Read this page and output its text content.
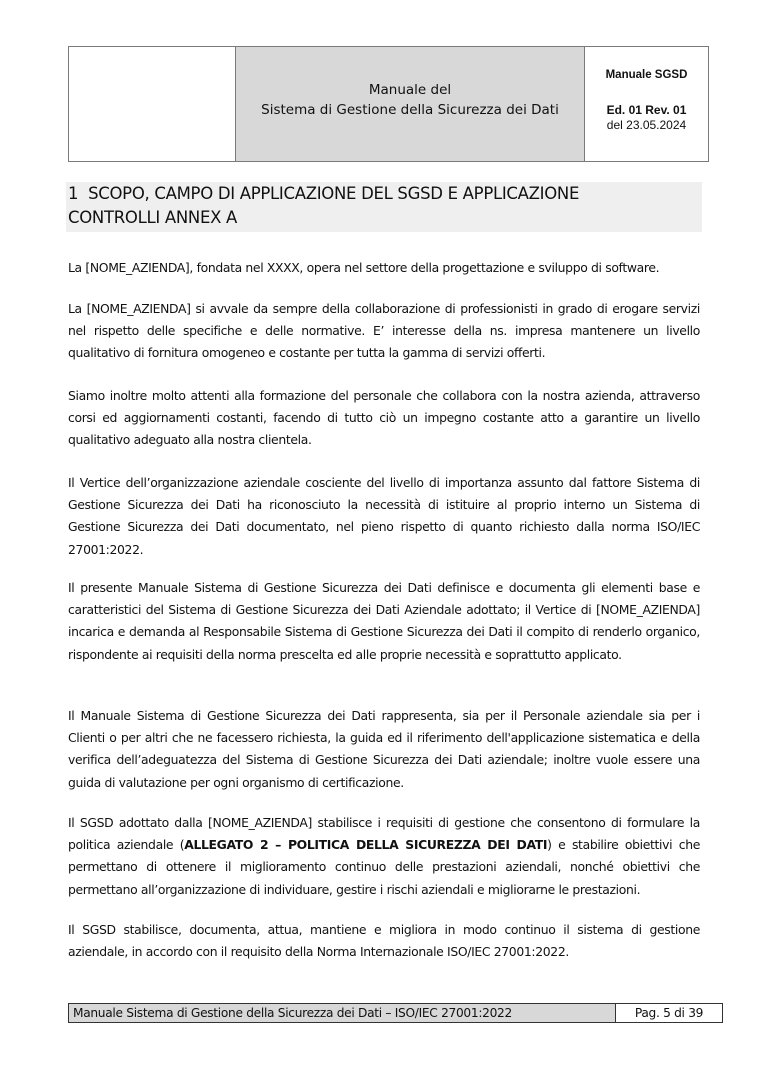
Manuale del
Sistema di Gestione della Sicurezza dei Dati
Manuale SGSD
Ed. 01 Rev. 01
del 23.05.2024
1  SCOPO, CAMPO DI APPLICAZIONE DEL SGSD E APPLICAZIONE
CONTROLLI ANNEX A

La [NOME_AZIENDA], fondata nel XXXX, opera nel settore della progettazione e sviluppo di software.

La [NOME_AZIENDA] si avvale da sempre della collaborazione di professionisti in grado di erogare servizi nel rispetto delle specifiche e delle normative. E’ interesse della ns. impresa mantenere un livello qualitativo di fornitura omogeneo e costante per tutta la gamma di servizi offerti.

Siamo inoltre molto attenti alla formazione del personale che collabora con la nostra azienda, attraverso corsi ed aggiornamenti costanti, facendo di tutto ciò un impegno costante atto a garantire un livello qualitativo adeguato alla nostra clientela.

Il Vertice dell’organizzazione aziendale cosciente del livello di importanza assunto dal fattore Sistema di Gestione Sicurezza dei Dati ha riconosciuto la necessità di istituire al proprio interno un Sistema di Gestione Sicurezza dei Dati documentato, nel pieno rispetto di quanto richiesto dalla norma ISO/IEC 27001:2022.

Il presente Manuale Sistema di Gestione Sicurezza dei Dati definisce e documenta gli elementi base e caratteristici del Sistema di Gestione Sicurezza dei Dati Aziendale adottato; il Vertice di [NOME_AZIENDA] incarica e demanda al Responsabile Sistema di Gestione Sicurezza dei Dati il compito di renderlo organico, rispondente ai requisiti della norma prescelta ed alle proprie necessità e soprattutto applicato.

Il Manuale Sistema di Gestione Sicurezza dei Dati rappresenta, sia per il Personale aziendale sia per i Clienti o per altri che ne facessero richiesta, la guida ed il riferimento dell'applicazione sistematica e della verifica dell’adeguatezza del Sistema di Gestione Sicurezza dei Dati aziendale; inoltre vuole essere una guida di valutazione per ogni organismo di certificazione.

Il SGSD adottato dalla [NOME_AZIENDA] stabilisce i requisiti di gestione che consentono di formulare la politica aziendale (ALLEGATO 2 – POLITICA DELLA SICUREZZA DEI DATI) e stabilire obiettivi che permettano di ottenere il miglioramento continuo delle prestazioni aziendali, nonché obiettivi che permettano all’organizzazione di individuare, gestire i rischi aziendali e migliorarne le prestazioni.

Il SGSD stabilisce, documenta, attua, mantiene e migliora in modo continuo il sistema di gestione aziendale, in accordo con il requisito della Norma Internazionale ISO/IEC 27001:2022.

Manuale Sistema di Gestione della Sicurezza dei Dati – ISO/IEC 27001:2022	Pag. 5 di 39
